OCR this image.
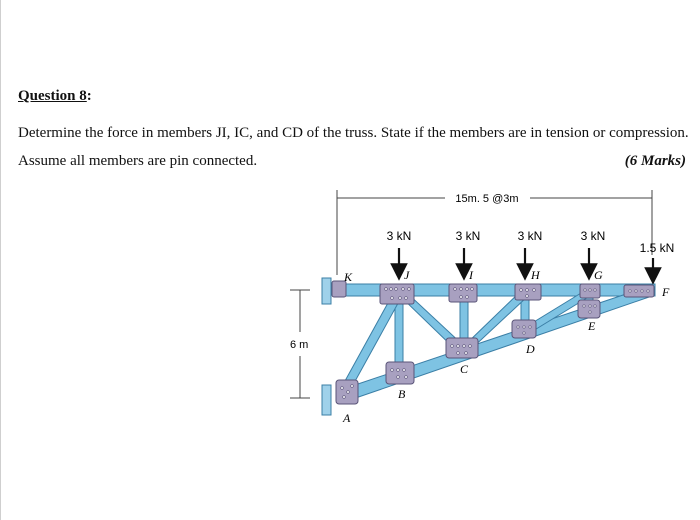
Question 8:
Determine the force in members JI, IC, and CD of the truss. State if the members are in tension or compression.
Assume all members are pin connected.	(6 Marks)
15m. 5 @3m
6 m
3 kN	3 kN	3 kN	3 kN
1.5 kN
K	J	I	H	G
F
A
B
C
D
E
